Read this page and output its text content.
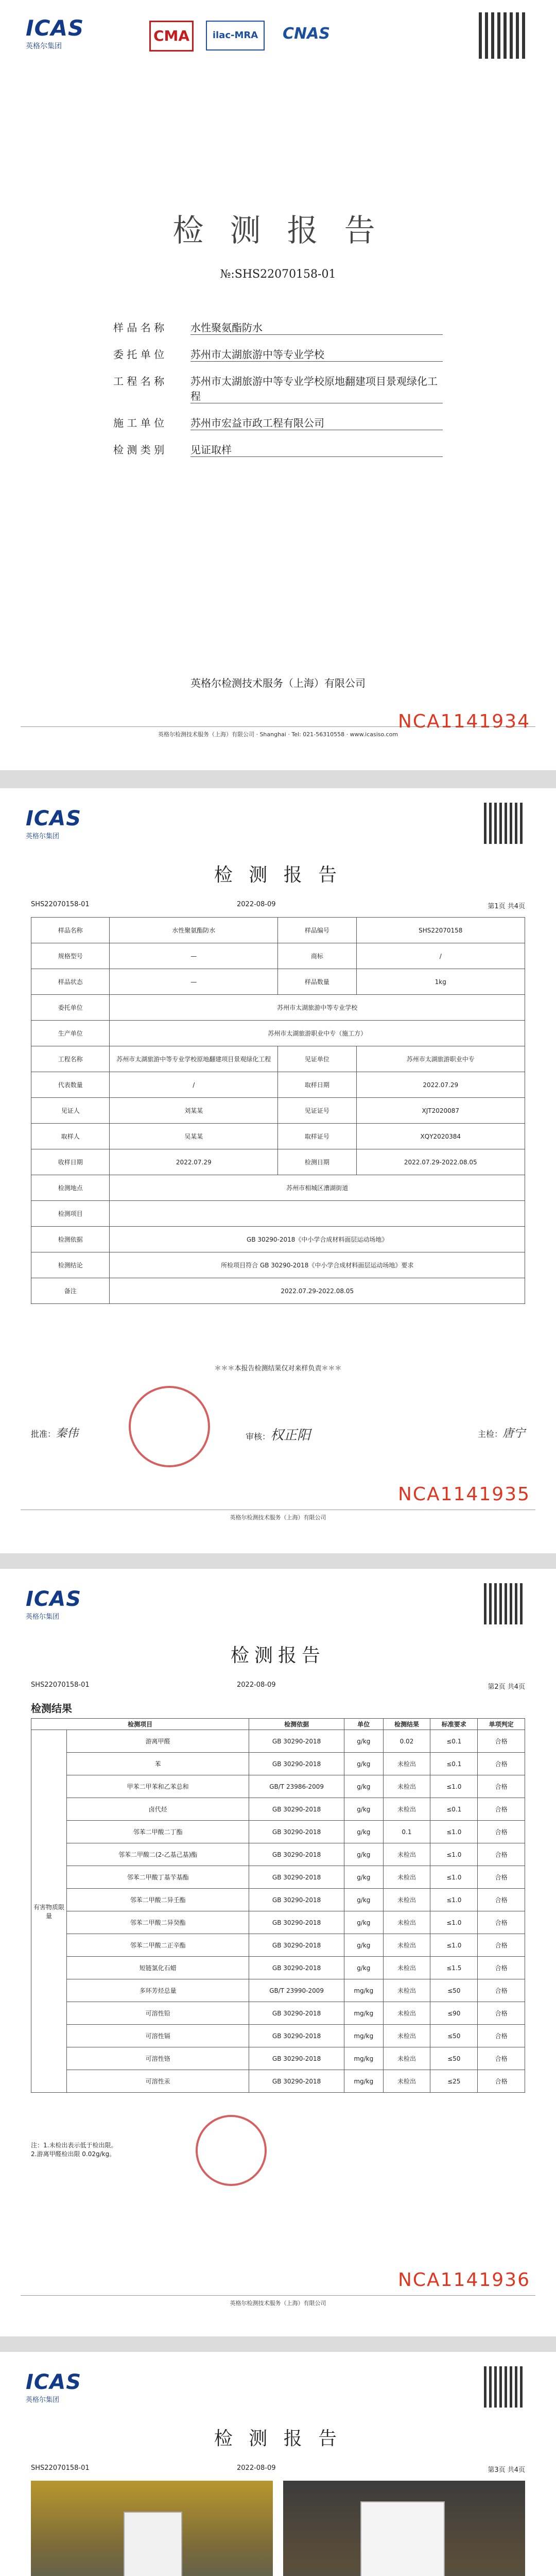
ICAS
英格尔集团
CMA	ilac-MRA	CNAS
检 测 报 告
№:SHS22070158-01
样 品 名 称	水性聚氨酯防水
委 托 单 位	苏州市太湖旅游中等专业学校
工 程 名 称	苏州市太湖旅游中等专业学校原地翻建项目景观绿化工程
施 工 单 位	苏州市宏益市政工程有限公司
检 测 类 别	见证取样
英格尔检测技术服务（上海）有限公司
英格尔检测技术服务（上海）有限公司 · Shanghai · Tel: 021-56310558 · www.icasiso.com
NCA1141934
ICAS
英格尔集团
检 测 报 告
SHS22070158-01	2022-08-09	第1页 共4页
样品名称	水性聚氨酯防水	样品编号	SHS22070158
规格型号	—	商标	/
样品状态	—	样品数量	1kg
委托单位	苏州市太湖旅游中等专业学校		
生产单位	苏州市太湖旅游职业中专（施工方）		
工程名称	苏州市太湖旅游中等专业学校原地翻建项目景观绿化工程	见证单位	苏州市太湖旅游职业中专
代表数量	/	取样日期	2022.07.29
见证人	刘某某	见证证号	XJT2020087
取样人	吴某某	取样证号	XQY2020384
收样日期	2022.07.29	检测日期	2022.07.29-2022.08.05
检测地点	苏州市相城区漕湖街道		
检测项目			
检测依据	GB 30290-2018《中小学合成材料面层运动场地》		
检测结论	所检项目符合 GB 30290-2018《中小学合成材料面层运动场地》要求		
备注	2022.07.29-2022.08.05		
＊＊＊本报告检测结果仅对来样负责＊＊＊
批准：秦伟	审核：权正阳	主检：唐宁
NCA1141935
英格尔检测技术服务（上海）有限公司
ICAS
英格尔集团
检测报告
SHS22070158-01	2022-08-09	第2页 共4页
检测结果
检测项目		检测依据	单位	检测结果	标准要求	单项判定
有害物质限量	游离甲醛	GB 30290-2018	g/kg	0.02	≤0.1	合格
	苯	GB 30290-2018	g/kg	未检出	≤0.1	合格
	甲苯二甲苯和乙苯总和	GB/T 23986-2009	g/kg	未检出	≤1.0	合格
	卤代烃	GB 30290-2018	g/kg	未检出	≤0.1	合格
	邻苯二甲酸二丁酯	GB 30290-2018	g/kg	0.1	≤1.0	合格
	邻苯二甲酸二(2-乙基己基)酯	GB 30290-2018	g/kg	未检出	≤1.0	合格
	邻苯二甲酸丁基苄基酯	GB 30290-2018	g/kg	未检出	≤1.0	合格
	邻苯二甲酸二异壬酯	GB 30290-2018	g/kg	未检出	≤1.0	合格
	邻苯二甲酸二异癸酯	GB 30290-2018	g/kg	未检出	≤1.0	合格
	邻苯二甲酸二正辛酯	GB 30290-2018	g/kg	未检出	≤1.0	合格
	短链氯化石蜡	GB 30290-2018	g/kg	未检出	≤1.5	合格
	多环芳烃总量	GB/T 23990-2009	mg/kg	未检出	≤50	合格
	可溶性铅	GB 30290-2018	mg/kg	未检出	≤90	合格
	可溶性镉	GB 30290-2018	mg/kg	未检出	≤50	合格
	可溶性铬	GB 30290-2018	mg/kg	未检出	≤50	合格
	可溶性汞	GB 30290-2018	mg/kg	未检出	≤25	合格
注：1.未检出表示低于检出限。
2.游离甲醛检出限 0.02g/kg。
NCA1141936
英格尔检测技术服务（上海）有限公司
ICAS
英格尔集团
检 测 报 告
SHS22070158-01	2022-08-09	第3页 共4页
